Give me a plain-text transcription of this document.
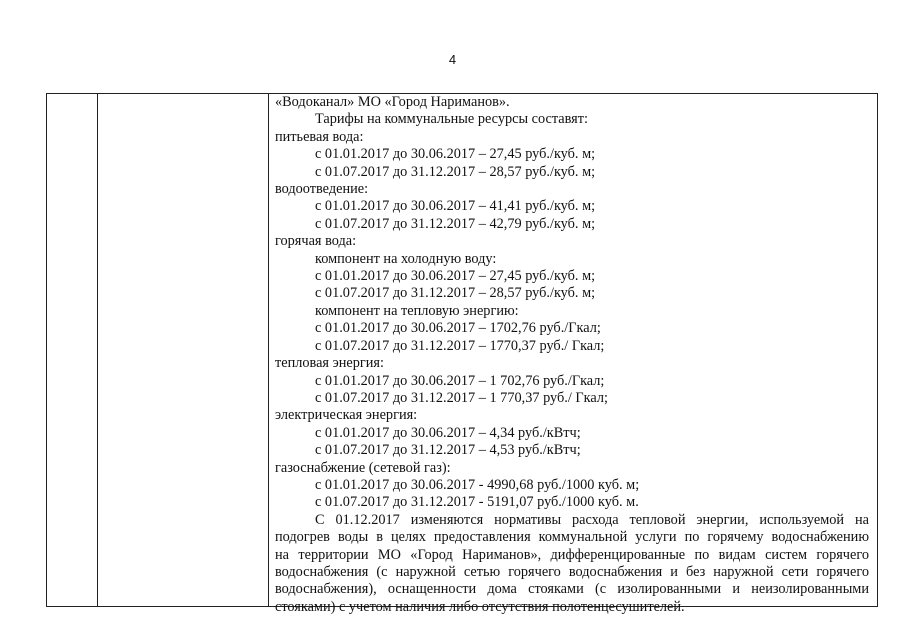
4
«Водоканал» МО «Город Нариманов».
Тарифы на коммунальные ресурсы составят:
питьевая вода:
с 01.01.2017 до 30.06.2017 – 27,45 руб./куб. м;
с 01.07.2017 до 31.12.2017 – 28,57 руб./куб. м;
водоотведение:
с 01.01.2017 до 30.06.2017 – 41,41 руб./куб. м;
с 01.07.2017 до 31.12.2017 – 42,79 руб./куб. м;
горячая вода:
компонент на холодную воду:
с 01.01.2017 до 30.06.2017 – 27,45 руб./куб. м;
с 01.07.2017 до 31.12.2017 – 28,57 руб./куб. м;
компонент на тепловую энергию:
с 01.01.2017 до 30.06.2017 – 1702,76 руб./Гкал;
с 01.07.2017 до 31.12.2017 – 1770,37 руб./ Гкал;
тепловая энергия:
с 01.01.2017 до 30.06.2017 – 1 702,76 руб./Гкал;
с 01.07.2017 до 31.12.2017 – 1 770,37 руб./ Гкал;
электрическая энергия:
с 01.01.2017 до 30.06.2017 – 4,34 руб./кВтч;
с 01.07.2017 до 31.12.2017 – 4,53 руб./кВтч;
газоснабжение (сетевой газ):
с 01.01.2017 до 30.06.2017 - 4990,68 руб./1000 куб. м;
с 01.07.2017 до 31.12.2017 - 5191,07 руб./1000 куб. м.
С 01.12.2017 изменяются нормативы расхода тепловой энергии, используемой на
подогрев воды в целях предоставления коммунальной услуги по горячему водоснабжению
на территории МО «Город Нариманов», дифференцированные по видам систем горячего
водоснабжения (с наружной сетью горячего водоснабжения и без наружной сети горячего
водоснабжения), оснащенности дома стояками (с изолированными и неизолированными
стояками) с учетом наличия либо отсутствия полотенцесушителей.
